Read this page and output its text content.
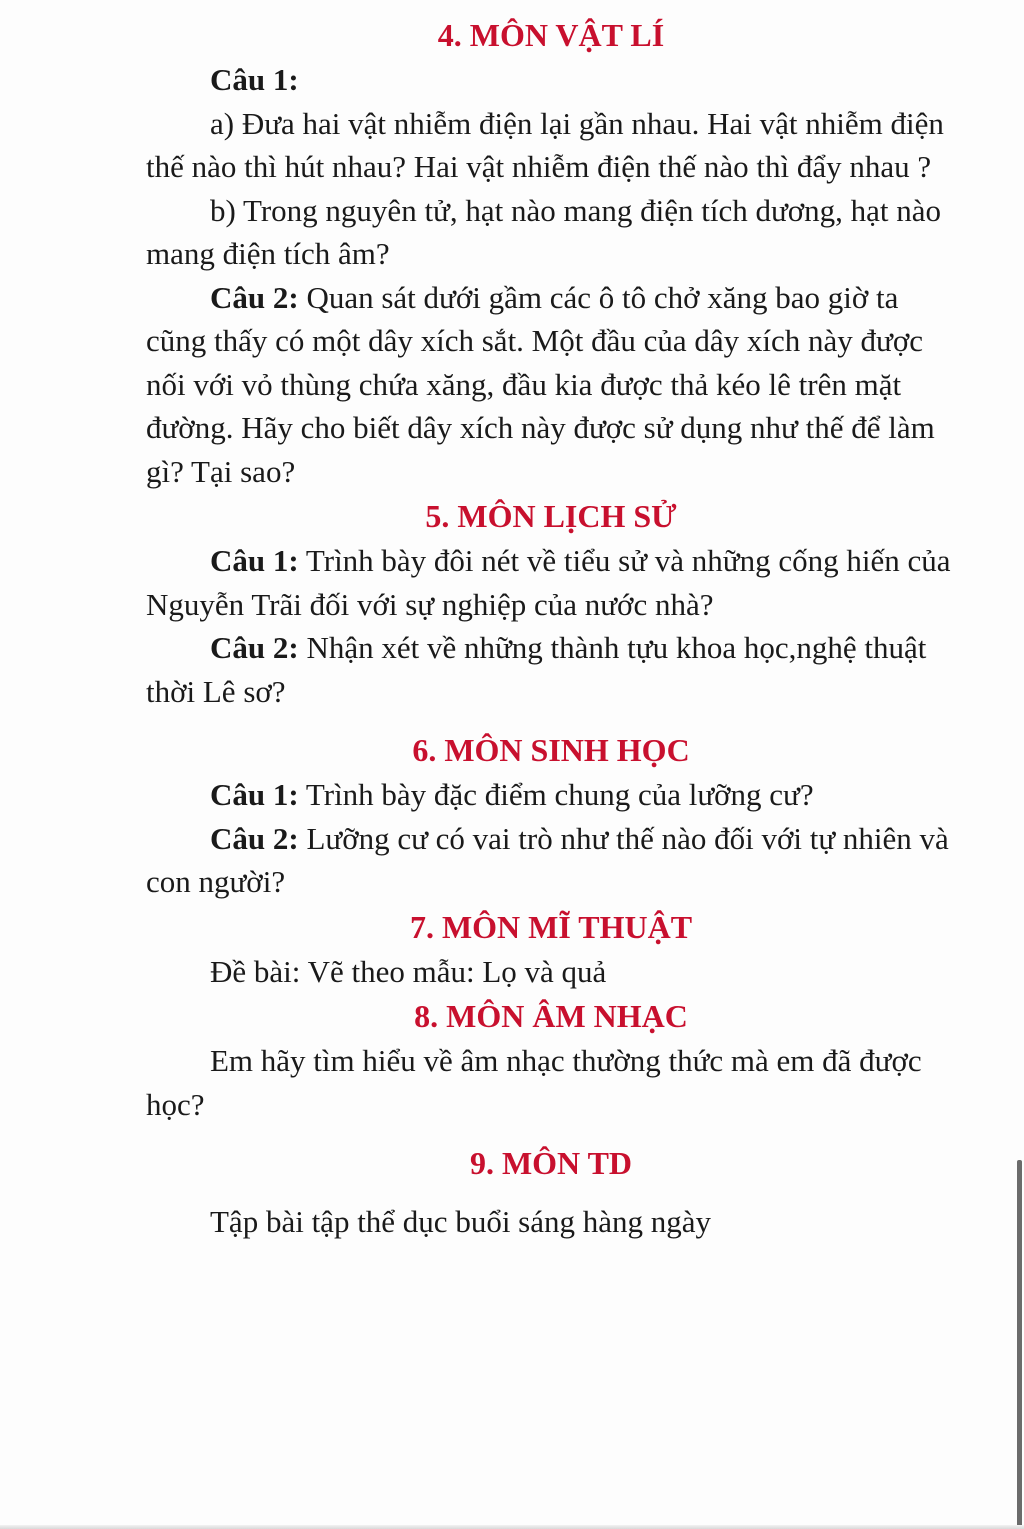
4. MÔN VẬT LÍ

Câu 1:

a) Đưa hai vật nhiễm điện lại gần nhau. Hai vật nhiễm điện thế nào thì hút nhau? Hai vật nhiễm điện thế nào thì đẩy nhau ?

b) Trong nguyên tử, hạt nào mang điện tích dương, hạt nào mang điện tích âm?

Câu 2: Quan sát dưới gầm các ô tô chở xăng bao giờ ta cũng thấy có một dây xích sắt. Một đầu của dây xích này được nối với vỏ thùng chứa xăng, đầu kia được thả kéo lê trên mặt đường. Hãy cho biết dây xích này được sử dụng như thế để làm gì? Tại sao?

5. MÔN LỊCH SỬ

Câu 1: Trình bày đôi nét về tiểu sử và những cống hiến của Nguyễn Trãi đối với sự nghiệp của nước nhà?

Câu 2: Nhận xét về những thành tựu khoa học,nghệ thuật thời Lê sơ?

6. MÔN SINH HỌC

Câu 1: Trình bày đặc điểm chung của lưỡng cư?

Câu 2: Lưỡng cư có vai trò như thế nào đối với tự nhiên và con người?

7. MÔN MĨ THUẬT

Đề bài: Vẽ theo mẫu: Lọ và quả

8. MÔN ÂM NHẠC

Em hãy tìm hiểu về âm nhạc thường thức mà em đã được học?

9. MÔN TD

Tập bài tập thể dục buổi sáng hàng ngày
